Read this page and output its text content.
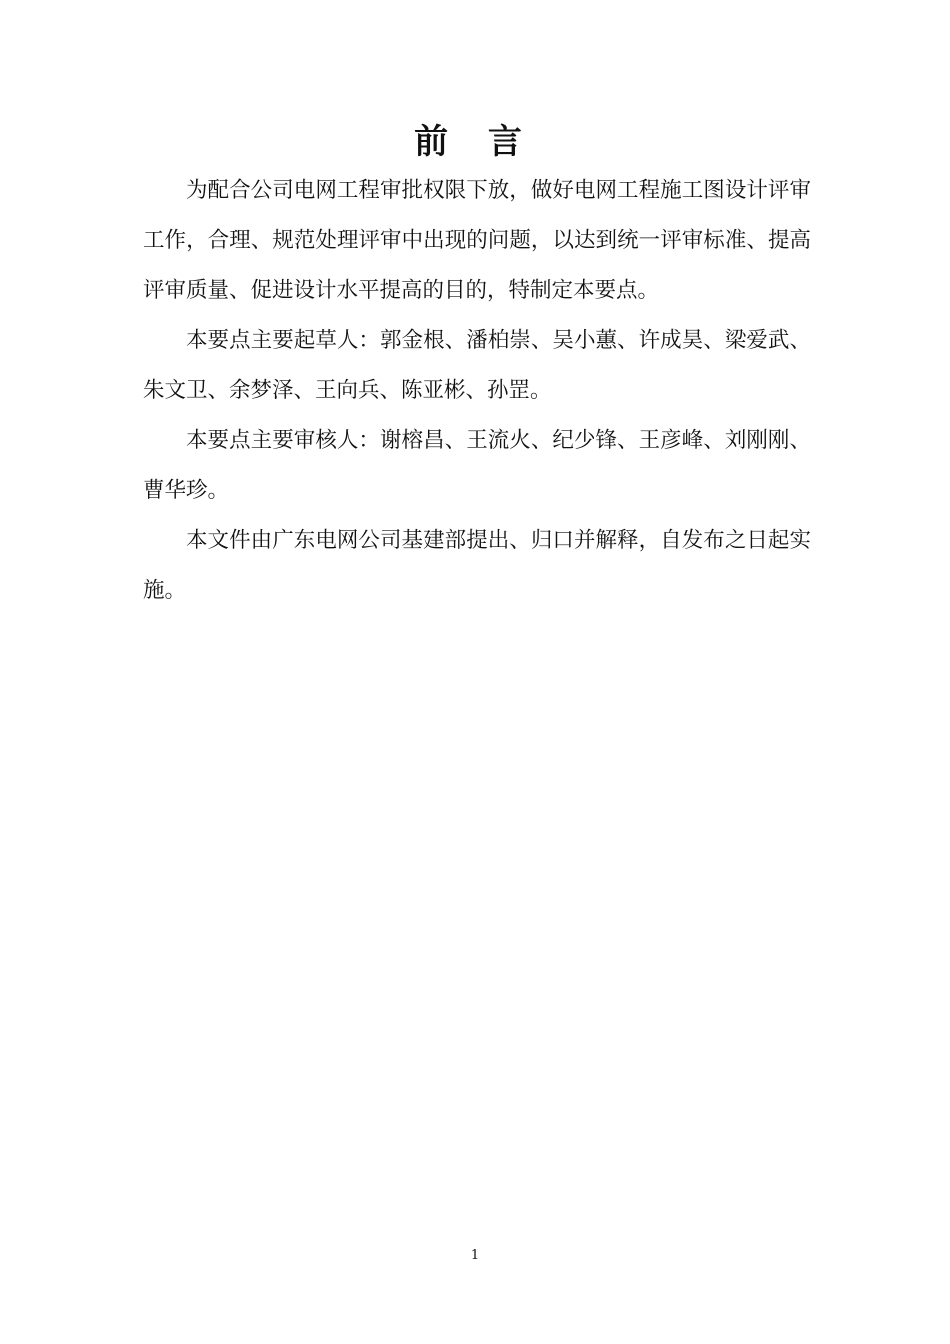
前 言

为配合公司电网工程审批权限下放，做好电网工程施工图设计评审工作，合理、规范处理评审中出现的问题，以达到统一评审标准、提高评审质量、促进设计水平提高的目的，特制定本要点。

本要点主要起草人：郭金根、潘柏崇、吴小蕙、许成昊、梁爱武、朱文卫、余梦泽、王向兵、陈亚彬、孙罡。

本要点主要审核人：谢榕昌、王流火、纪少锋、王彦峰、刘刚刚、曹华珍。

本文件由广东电网公司基建部提出、归口并解释，自发布之日起实施。

1
